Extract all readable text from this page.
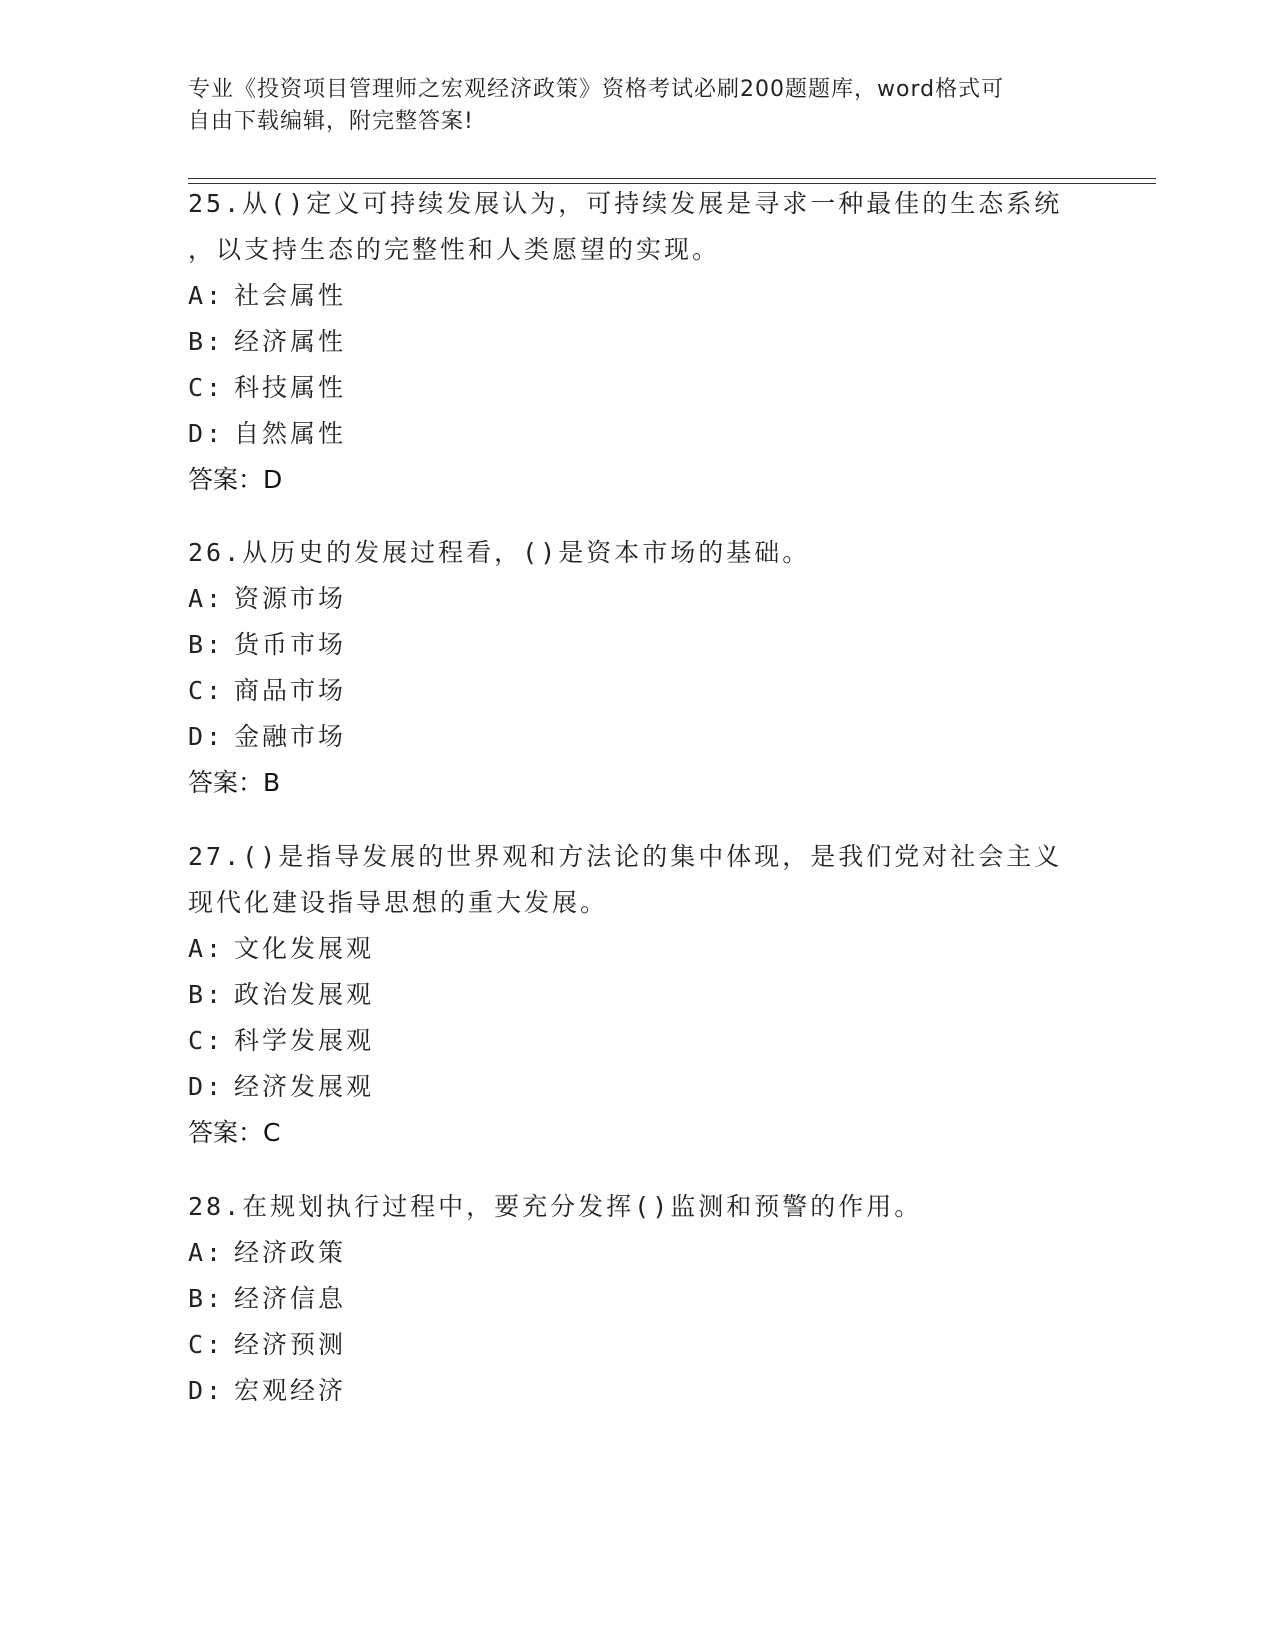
专业《投资项目管理师之宏观经济政策》资格考试必刷200题题库，word格式可
自由下载编辑，附完整答案!
25.从()定义可持续发展认为，可持续发展是寻求一种最佳的生态系统
，以支持生态的完整性和人类愿望的实现。
A: 社会属性
B: 经济属性
C: 科技属性
D: 自然属性
答案：D
26.从历史的发展过程看，()是资本市场的基础。
A: 资源市场
B: 货币市场
C: 商品市场
D: 金融市场
答案：B
27.()是指导发展的世界观和方法论的集中体现，是我们党对社会主义
现代化建设指导思想的重大发展。
A: 文化发展观
B: 政治发展观
C: 科学发展观
D: 经济发展观
答案：C
28.在规划执行过程中，要充分发挥()监测和预警的作用。
A: 经济政策
B: 经济信息
C: 经济预测
D: 宏观经济
